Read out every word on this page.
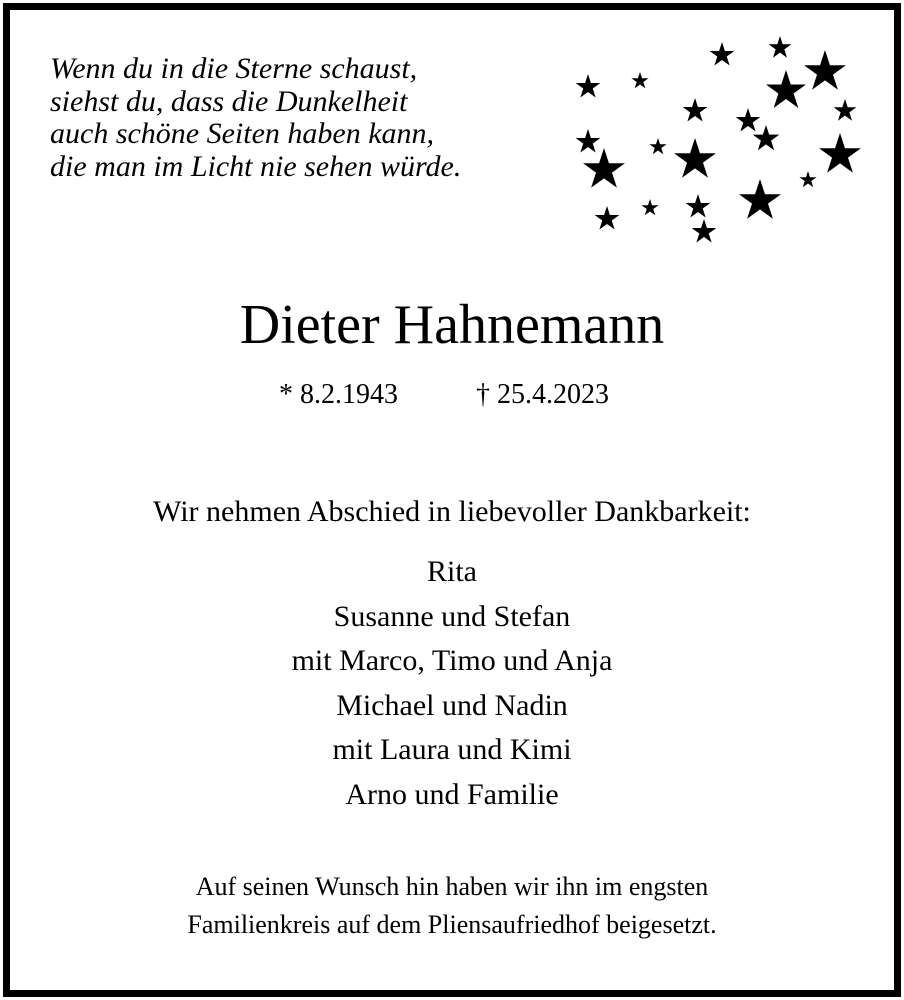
Wenn du in die Sterne schaust,
siehst du, dass die Dunkelheit
auch schöne Seiten haben kann,
die man im Licht nie sehen würde.
Dieter Hahnemann
* 8.2.1943	† 25.4.2023
Wir nehmen Abschied in liebevoller Dankbarkeit:
Rita
Susanne und Stefan
mit Marco, Timo und Anja
Michael und Nadin
mit Laura und Kimi
Arno und Familie
Auf seinen Wunsch hin haben wir ihn im engsten
Familienkreis auf dem Pliensaufriedhof beigesetzt.
